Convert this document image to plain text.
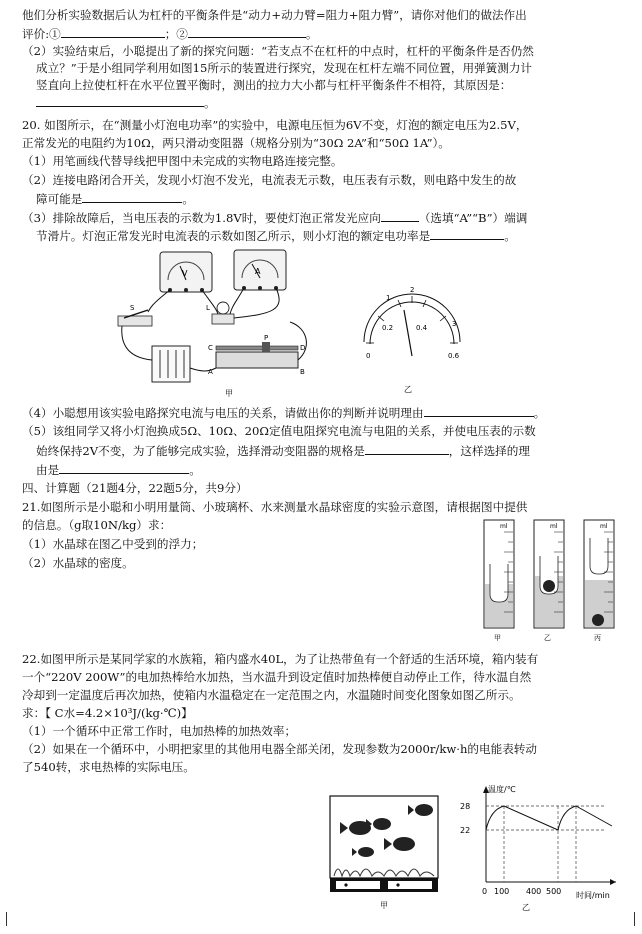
他们分析实验数据后认为杠杆的平衡条件是“动力+动力臂=阻力+阻力臂”，请你对他们的做法作出
评价:①	；②	。
（2）实验结束后，小聪提出了新的探究问题：“若支点不在杠杆的中点时，杠杆的平衡条件是否仍然
成立？”于是小组同学利用如图15所示的装置进行探究，发现在杠杆左端不同位置，用弹簧测力计
竖直向上拉使杠杆在水平位置平衡时，测出的拉力大小都与杠杆平衡条件不相符，其原因是：
。
20. 如图所示，在“测量小灯泡电功率”的实验中，电源电压恒为6V不变，灯泡的额定电压为2.5V，
正常发光的电阻约为10Ω，两只滑动变阻器（规格分别为“30Ω 2A”和“50Ω 1A”）。
（1）用笔画线代替导线把甲图中未完成的实物电路连接完整。
（2）连接电路闭合开关，发现小灯泡不发光，电流表无示数，电压表有示数，则电路中发生的故
障可能是	。
（3）排除故障后，当电压表的示数为1.8V时，要使灯泡正常发光应向	（选填“A”“B”）端调
节滑片。灯泡正常发光时电流表的示数如图乙所示，则小灯泡的额定电功率是	。
V	A
S	L
C	D
A
P
B
甲
0
0.2	0.4
0.6
1
2
3
乙
（4）小聪想用该实验电路探究电流与电压的关系，请做出你的判断并说明理由	。
（5）该组同学又将小灯泡换成5Ω、10Ω、20Ω定值电阻探究电流与电阻的关系，并使电压表的示数
始终保持2V不变，为了能够完成实验，选择滑动变阻器的规格是	，这样选择的理
由是	。
四、计算题（21题4分，22题5分，共9分）
21.如图所示是小聪和小明用量筒、小玻璃杯、水来测量水晶球密度的实验示意图，请根据图中提供
的信息。（g取10N/kg）求：
（1）水晶球在图乙中受到的浮力；
（2）水晶球的密度。
ml
甲
ml
乙
ml
丙
22.如图甲所示是某同学家的水族箱，箱内盛水40L，为了让热带鱼有一个舒适的生活环境，箱内装有
一个“220V 200W”的电加热棒给水加热，当水温升到设定值时加热棒便自动停止工作，待水温自然
冷却到一定温度后再次加热，使箱内水温稳定在一定范围之内，水温随时间变化图象如图乙所示。
求：【 C水=4.2×10³J/(kg·℃)】
（1）一个循环中正常工作时，电加热棒的加热效率；
（2）如果在一个循环中，小明把家里的其他用电器全部关闭，发现参数为2000r/kw·h的电能表转动
了540转，求电热棒的实际电压。
甲
温度/℃
时间/min
28
22
0 100 400 500
乙
